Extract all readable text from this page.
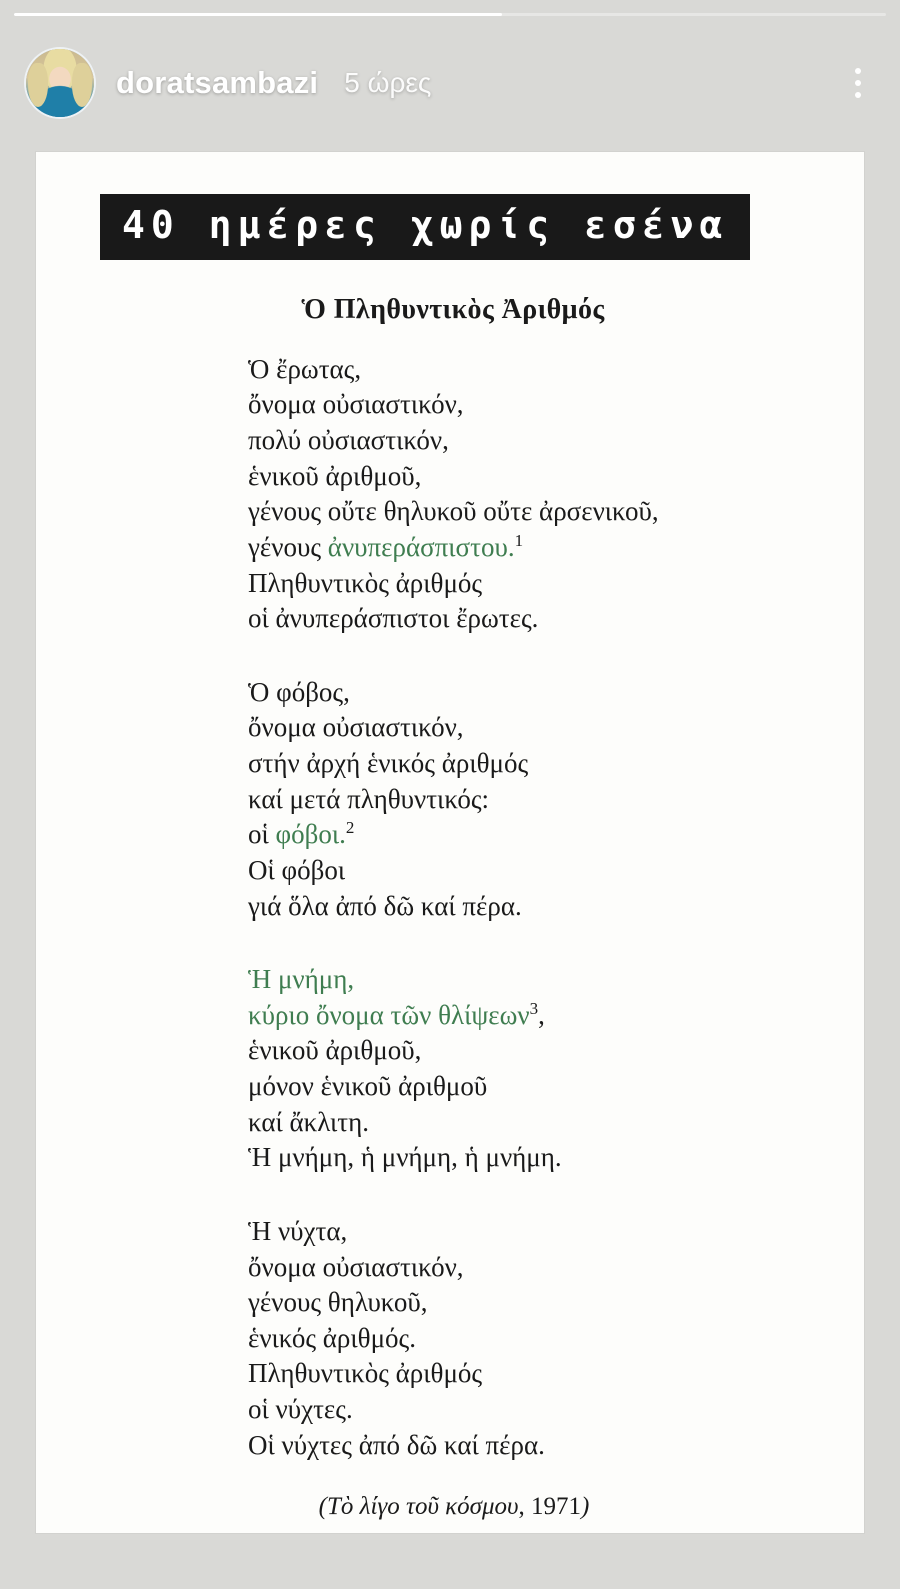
doratsambazi 5 ώρες
40 ημέρες χωρίς εσένα
Ὁ Πληθυντικὸς Ἀριθμός
Ὁ ἔρωτας,
ὄνομα οὐσιαστικόν,
πολύ οὐσιαστικόν,
ἑνικοῦ ἀριθμοῦ,
γένους οὔτε θηλυκοῦ οὔτε ἀρσενικοῦ,
γένους ἀνυπεράσπιστου.$^1$
Πληθυντικὸς ἀριθμός
οἱ ἀνυπεράσπιστοι ἔρωτες.
Ὁ φόβος,
ὄνομα οὐσιαστικόν,
στήν ἀρχή ἑνικός ἀριθμός
καί μετά πληθυντικός:
οἱ φόβοι.$^2$
Οἱ φόβοι
γιά ὅλα ἀπό δῶ καί πέρα.
Ἡ μνήμη,
κύριο ὄνομα τῶν θλίψεων$^3$,
ἑνικοῦ ἀριθμοῦ,
μόνον ἑνικοῦ ἀριθμοῦ
καί ἄκλιτη.
Ἡ μνήμη, ἡ μνήμη, ἡ μνήμη.
Ἡ νύχτα,
ὄνομα οὐσιαστικόν,
γένους θηλυκοῦ,
ἑνικός ἀριθμός.
Πληθυντικὸς ἀριθμός
οἱ νύχτες.
Οἱ νύχτες ἀπό δῶ καί πέρα.
(Τὸ λίγο τοῦ κόσμου, 1971)
